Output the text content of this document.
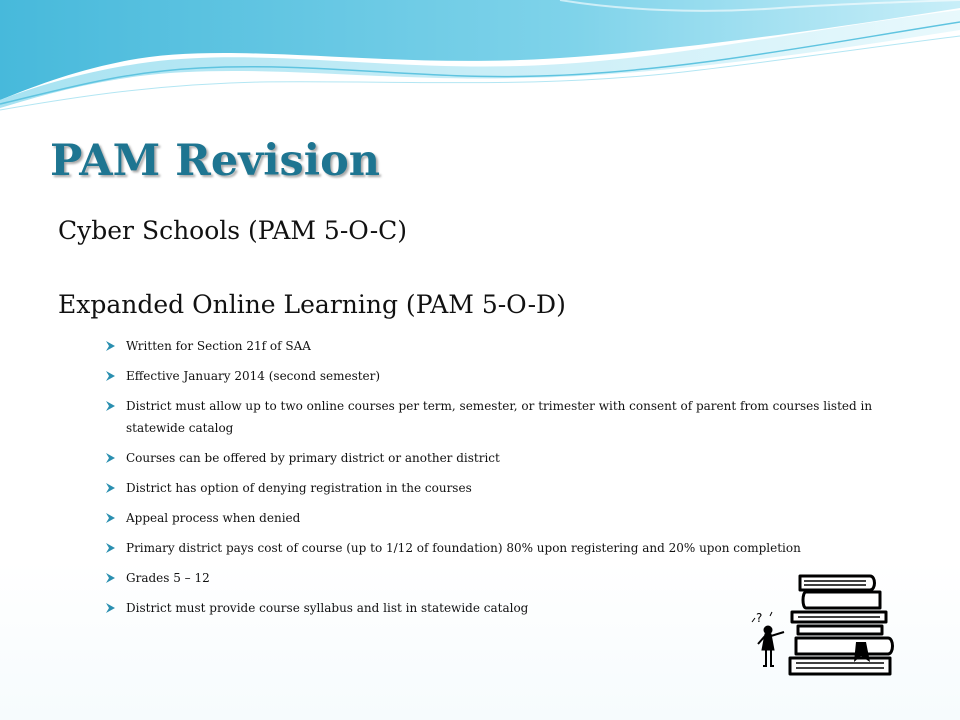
PAM Revision
Cyber Schools (PAM 5-O-C)
Expanded Online Learning (PAM 5-O-D)
Written for Section 21f of SAA
Effective January 2014 (second semester)
District must allow up to two online courses per term, semester, or trimester with consent of parent from courses listed in statewide catalog
Courses can be offered by primary district or another district
District has option of denying registration in the courses
Appeal process when denied
Primary district pays cost of course (up to 1/12 of foundation) 80% upon registering and 20% upon completion
Grades 5 – 12
District must provide course syllabus and list in statewide catalog
?
